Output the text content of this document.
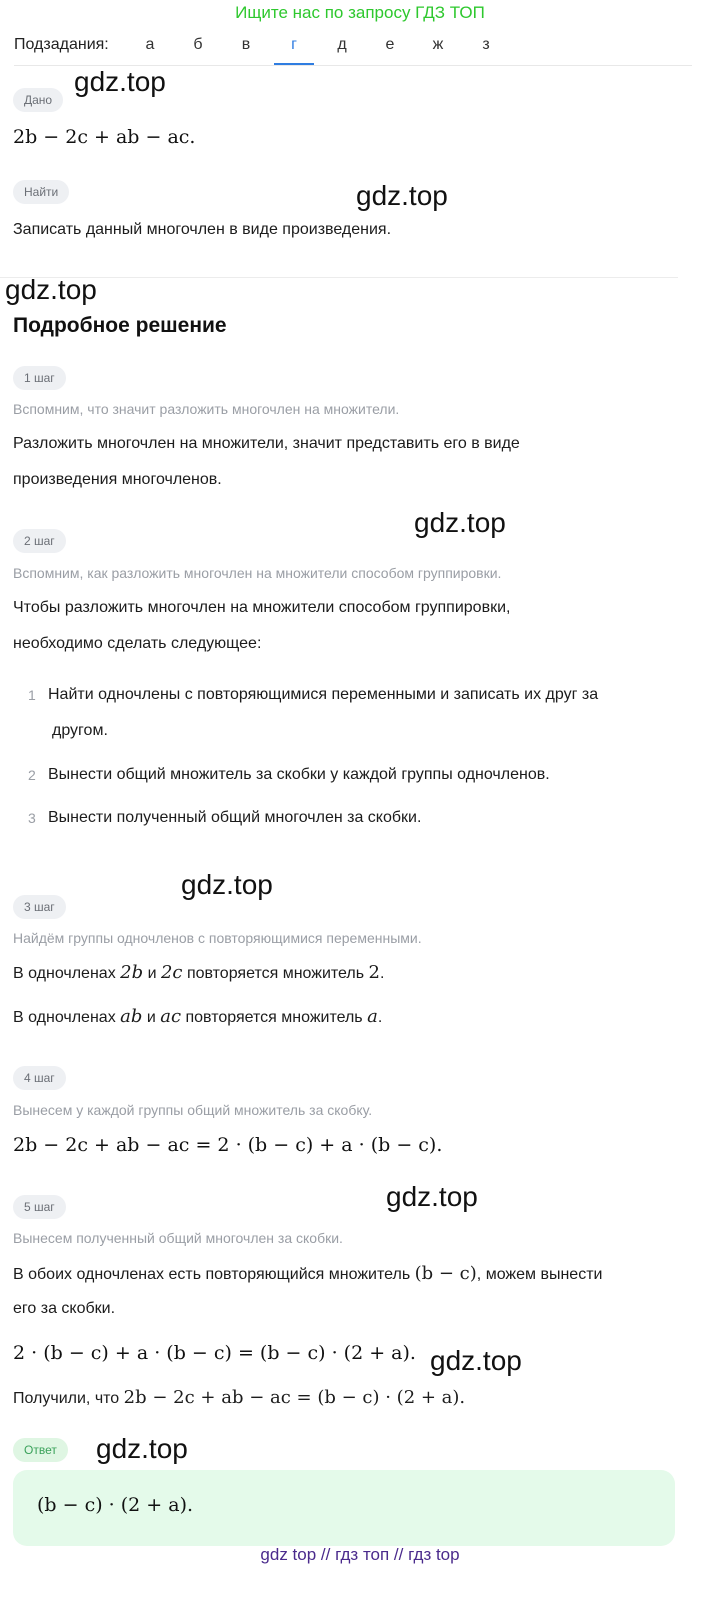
Ищите нас по запросу ГДЗ ТОП
Подзадания:	а	б	в	г	д	е	ж	з
Дано
2b − 2c + ab − ac.
Найти
Записать данный многочлен в виде произведения.
Подробное решение
1 шаг
Вспомним, что значит разложить многочлен на множители.
Разложить многочлен на множители, значит представить его в виде
произведения многочленов.
2 шаг
Вспомним, как разложить многочлен на множители способом группировки.
Чтобы разложить многочлен на множители способом группировки,
необходимо сделать следующее:
1 Найти одночлены с повторяющимися переменными и записать их друг за
другом.
2 Вынести общий множитель за скобки у каждой группы одночленов.
3 Вынести полученный общий многочлен за скобки.
3 шаг
Найдём группы одночленов с повторяющимися переменными.
В одночленах 2b и 2c повторяется множитель 2.
В одночленах ab и ac повторяется множитель a.
4 шаг
Вынесем у каждой группы общий множитель за скобку.
2b − 2c + ab − ac = 2 · (b − c) + a · (b − c).
5 шаг
Вынесем полученный общий многочлен за скобки.
В обоих одночленах есть повторяющийся множитель (b − c), можем вынести
его за скобки.
2 · (b − c) + a · (b − c) = (b − c) · (2 + a).
Получили, что 2b − 2c + ab − ac = (b − c) · (2 + a).
Ответ
(b − c) · (2 + a).
gdz.top
gdz.top
gdz.top
gdz.top
gdz.top
gdz.top
gdz.top
gdz.top
gdz top // гдз топ // гдз top
